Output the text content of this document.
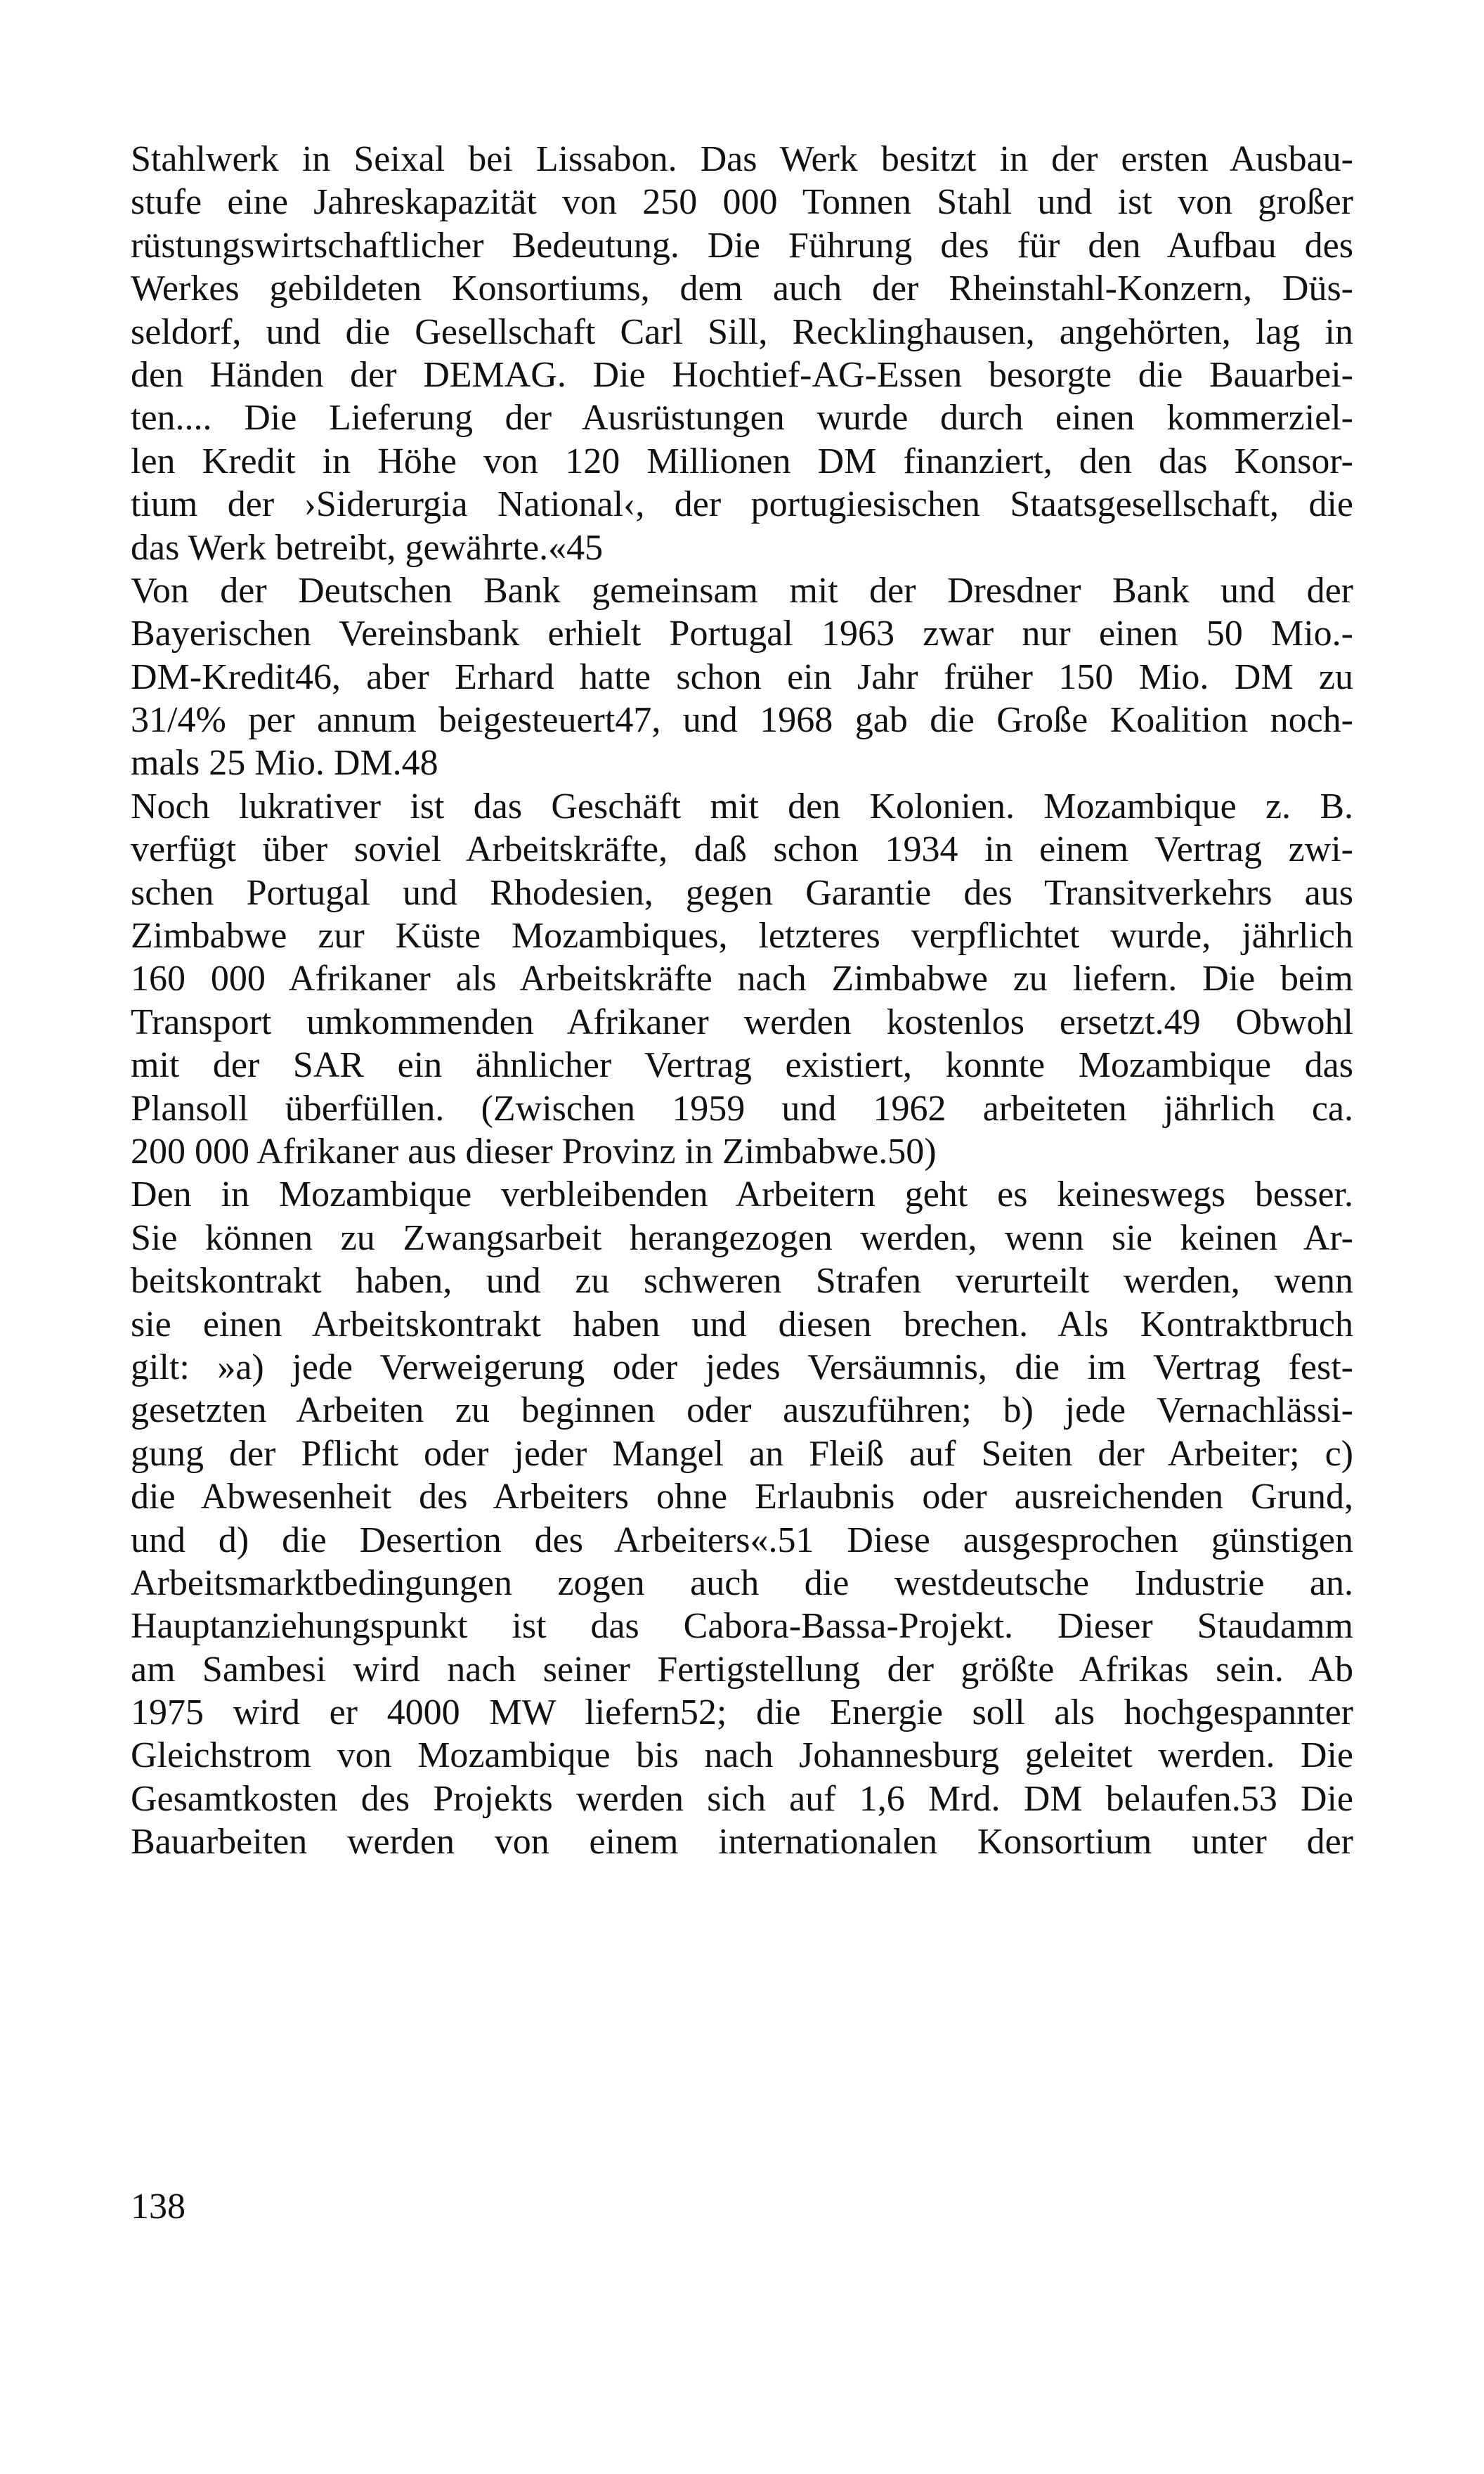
Stahlwerk in Seixal bei Lissabon. Das Werk besitzt in der ersten Ausbau-
stufe eine Jahreskapazität von 250 000 Tonnen Stahl und ist von großer
rüstungswirtschaftlicher Bedeutung. Die Führung des für den Aufbau des
Werkes gebildeten Konsortiums, dem auch der Rheinstahl-Konzern, Düs-
seldorf, und die Gesellschaft Carl Sill, Recklinghausen, angehörten, lag in
den Händen der DEMAG. Die Hochtief-AG-Essen besorgte die Bauarbei-
ten.... Die Lieferung der Ausrüstungen wurde durch einen kommerziel-
len Kredit in Höhe von 120 Millionen DM finanziert, den das Konsor-
tium der ›Siderurgia National‹, der portugiesischen Staatsgesellschaft, die
das Werk betreibt, gewährte.«45
Von der Deutschen Bank gemeinsam mit der Dresdner Bank und der
Bayerischen Vereinsbank erhielt Portugal 1963 zwar nur einen 50 Mio.-
DM-Kredit46, aber Erhard hatte schon ein Jahr früher 150 Mio. DM zu
31/4% per annum beigesteuert47, und 1968 gab die Große Koalition noch-
mals 25 Mio. DM.48
Noch lukrativer ist das Geschäft mit den Kolonien. Mozambique z. B.
verfügt über soviel Arbeitskräfte, daß schon 1934 in einem Vertrag zwi-
schen Portugal und Rhodesien, gegen Garantie des Transitverkehrs aus
Zimbabwe zur Küste Mozambiques, letzteres verpflichtet wurde, jährlich
160 000 Afrikaner als Arbeitskräfte nach Zimbabwe zu liefern. Die beim
Transport umkommenden Afrikaner werden kostenlos ersetzt.49 Obwohl
mit der SAR ein ähnlicher Vertrag existiert, konnte Mozambique das
Plansoll überfüllen. (Zwischen 1959 und 1962 arbeiteten jährlich ca.
200 000 Afrikaner aus dieser Provinz in Zimbabwe.50)
Den in Mozambique verbleibenden Arbeitern geht es keineswegs besser.
Sie können zu Zwangsarbeit herangezogen werden, wenn sie keinen Ar-
beitskontrakt haben, und zu schweren Strafen verurteilt werden, wenn
sie einen Arbeitskontrakt haben und diesen brechen. Als Kontraktbruch
gilt: »a) jede Verweigerung oder jedes Versäumnis, die im Vertrag fest-
gesetzten Arbeiten zu beginnen oder auszuführen; b) jede Vernachlässi-
gung der Pflicht oder jeder Mangel an Fleiß auf Seiten der Arbeiter; c)
die Abwesenheit des Arbeiters ohne Erlaubnis oder ausreichenden Grund,
und d) die Desertion des Arbeiters«.51 Diese ausgesprochen günstigen
Arbeitsmarktbedingungen zogen auch die westdeutsche Industrie an.
Hauptanziehungspunkt ist das Cabora-Bassa-Projekt. Dieser Staudamm
am Sambesi wird nach seiner Fertigstellung der größte Afrikas sein. Ab
1975 wird er 4000 MW liefern52; die Energie soll als hochgespannter
Gleichstrom von Mozambique bis nach Johannesburg geleitet werden. Die
Gesamtkosten des Projekts werden sich auf 1,6 Mrd. DM belaufen.53 Die
Bauarbeiten werden von einem internationalen Konsortium unter der
138
